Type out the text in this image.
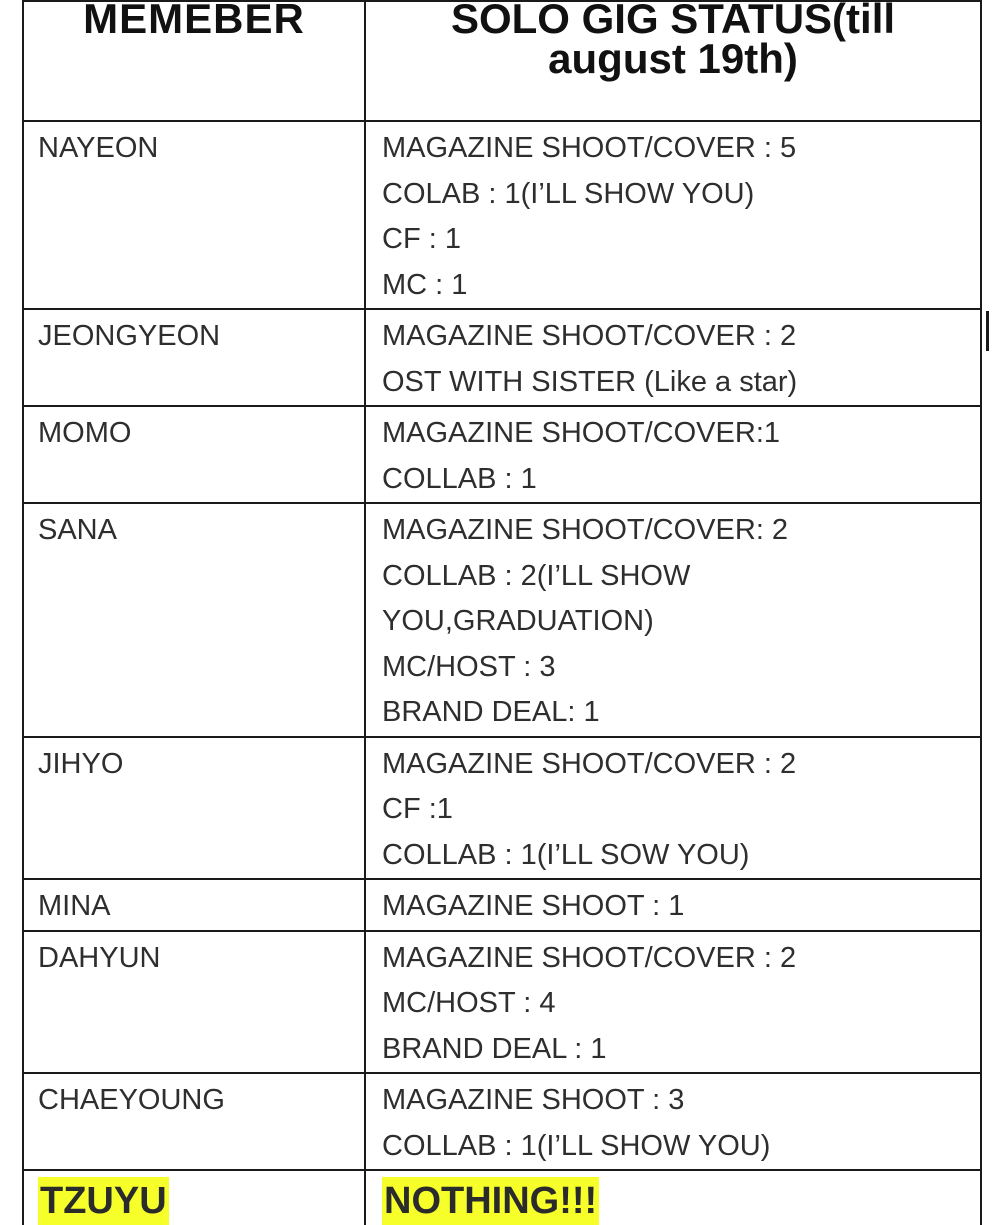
MEMEBER	SOLO GIG STATUS(till
august 19th)

NAYEON	MAGAZINE SHOOT/COVER : 5
COLAB : 1(I’LL SHOW YOU)
CF : 1
MC : 1

JEONGYEON	MAGAZINE SHOOT/COVER : 2
OST WITH SISTER (Like a star)

MOMO	MAGAZINE SHOOT/COVER:1
COLLAB : 1

SANA	MAGAZINE SHOOT/COVER: 2
COLLAB : 2(I’LL SHOW
YOU,GRADUATION)
MC/HOST : 3
BRAND DEAL: 1

JIHYO	MAGAZINE SHOOT/COVER : 2
CF :1
COLLAB : 1(I’LL SOW YOU)

MINA	MAGAZINE SHOOT : 1

DAHYUN	MAGAZINE SHOOT/COVER : 2
MC/HOST : 4
BRAND DEAL : 1

CHAEYOUNG	MAGAZINE SHOOT : 3
COLLAB : 1(I’LL SHOW YOU)

TZUYU	NOTHING!!!
